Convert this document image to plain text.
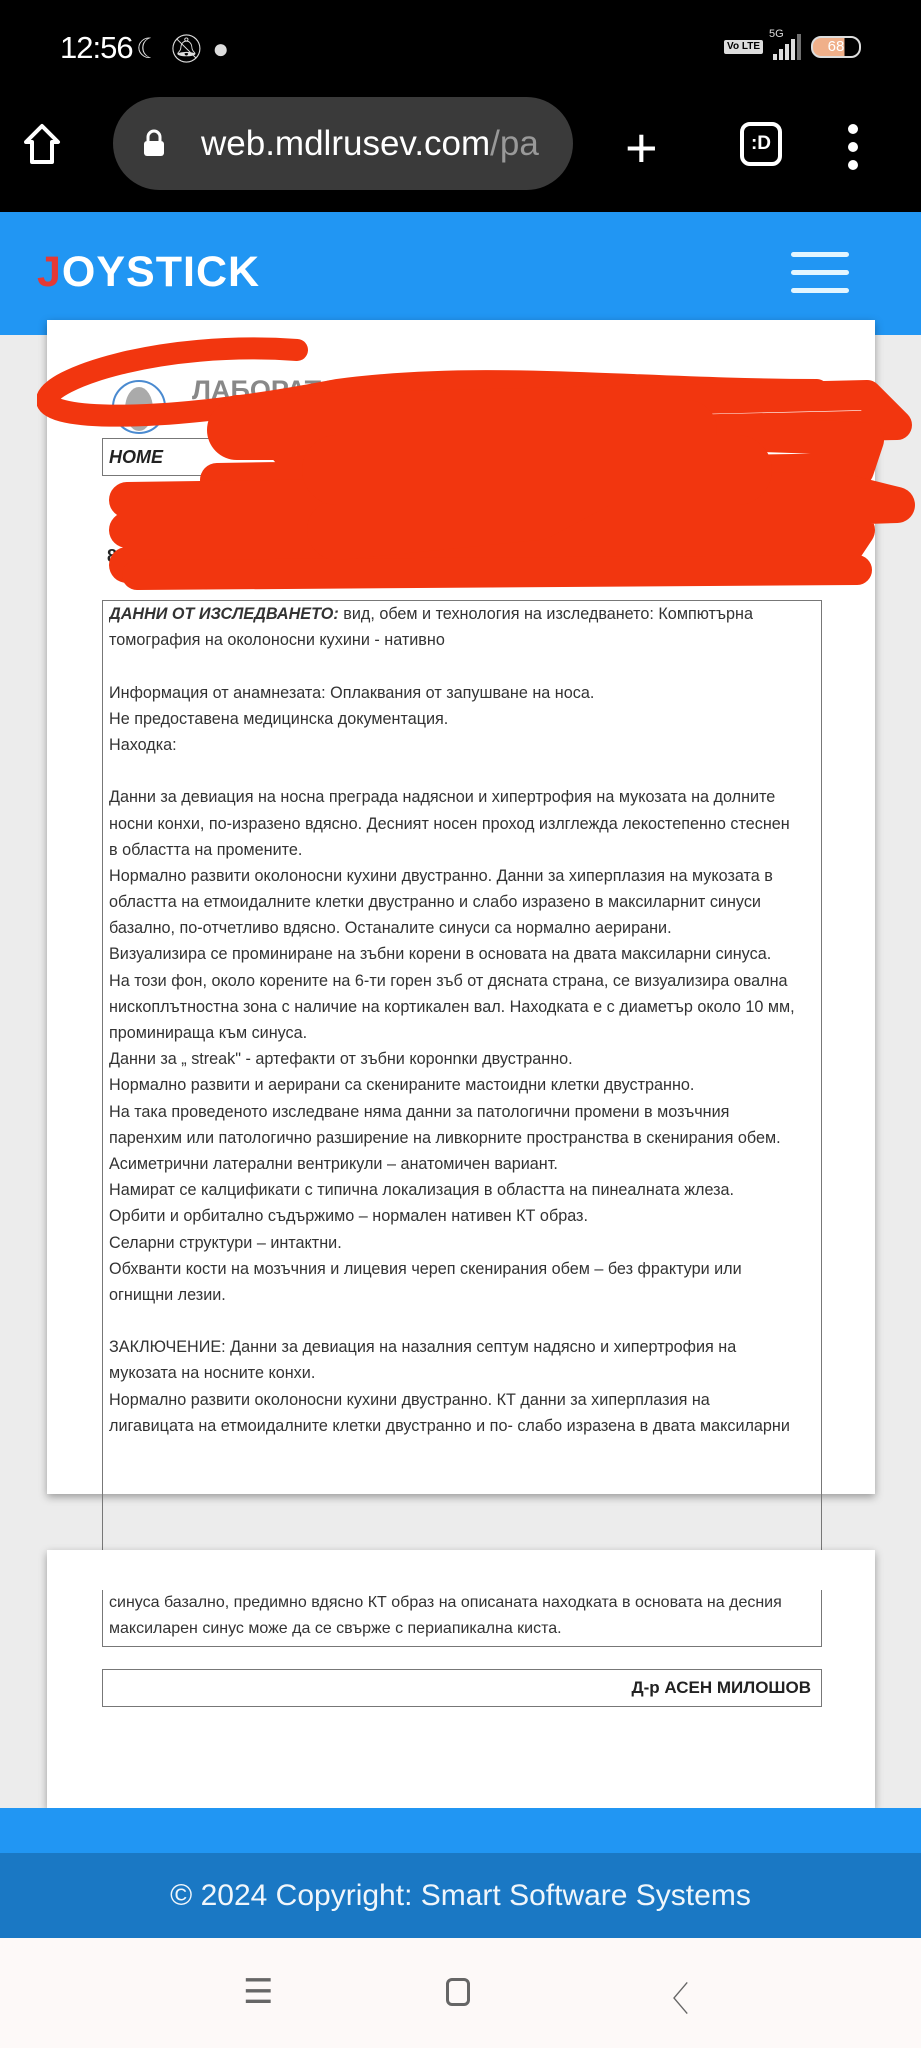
12:56 ☾ 🔕︎ ●	Vo LTE
5G
68
web.mdlrusev.com /pa +	:D
JOYSTICK
ЛАБОРАТО
НОМЕ
88
ДАННИ ОТ ИЗСЛЕДВАНЕТО: вид, обем и технология на изследването: Компютърна
томография на околоносни кухини - нативно
Информация от анамнезата: Оплаквания от запушване на носа.
Не предоставена медицинска документация.
Находка:
Данни за девиация на носна преграда надяснои и хипертрофия на мукозата на долните
носни конхи, по-изразено вдясно. Десният носен проход излглежда лекостепенно стеснен
в областта на промените.
Нормално развити околоносни кухини двустранно. Данни за хиперплазия на мукозата в
областта на етмоидалните клетки двустранно и слабо изразено в максиларнит синуси
базално, по-отчетливо вдясно. Останалите синуси са нормално аерирани.
Визуализира се проминиране на зъбни корени в основата на двата максиларни синуса.
На този фон, около корените на 6-ти горен зъб от дясната страна, се визуализира овална
нископлътностна зона с наличие на кортикален вал. Находката е с диаметър около 10 мм,
проминираща към синуса.
Данни за „ streak" - артефакти от зъбни коронnки двустранно.
Нормално развити и аерирани са скенираните мастоидни клетки двустранно.
На така проведеното изследване няма данни за патологични промени в мозъчния
паренхим или патологично разширение на ливкорните пространства в скенирания обем.
Асиметрични латерални вентрикули – анатомичен вариант.
Намират се калцификати с типична локализация в областта на пинеалната жлеза.
Орбити и орбитално съдържимо – нормален нативен КТ образ.
Селарни структури – интактни.
Обхванти кости на мозъчния и лицевия череп скенирания обем – без фрактури или
огнищни лезии.
ЗАКЛЮЧЕНИЕ: Данни за девиация на назалния септум надясно и хипертрофия на
мукозата на носните конхи.
Нормално развити околоносни кухини двустранно. КТ данни за хиперплазия на
лигавицата на етмоидалните клетки двустранно и по- слабо изразена в двата максиларни
синуса базално, предимно вдясно КТ образ на описаната находката в основата на десния
максиларен синус може да се свърже с периапикална киста.
Д-р АСЕН МИЛОШОВ
© 2024 Copyright: Smart Software Systems
☰	〈
